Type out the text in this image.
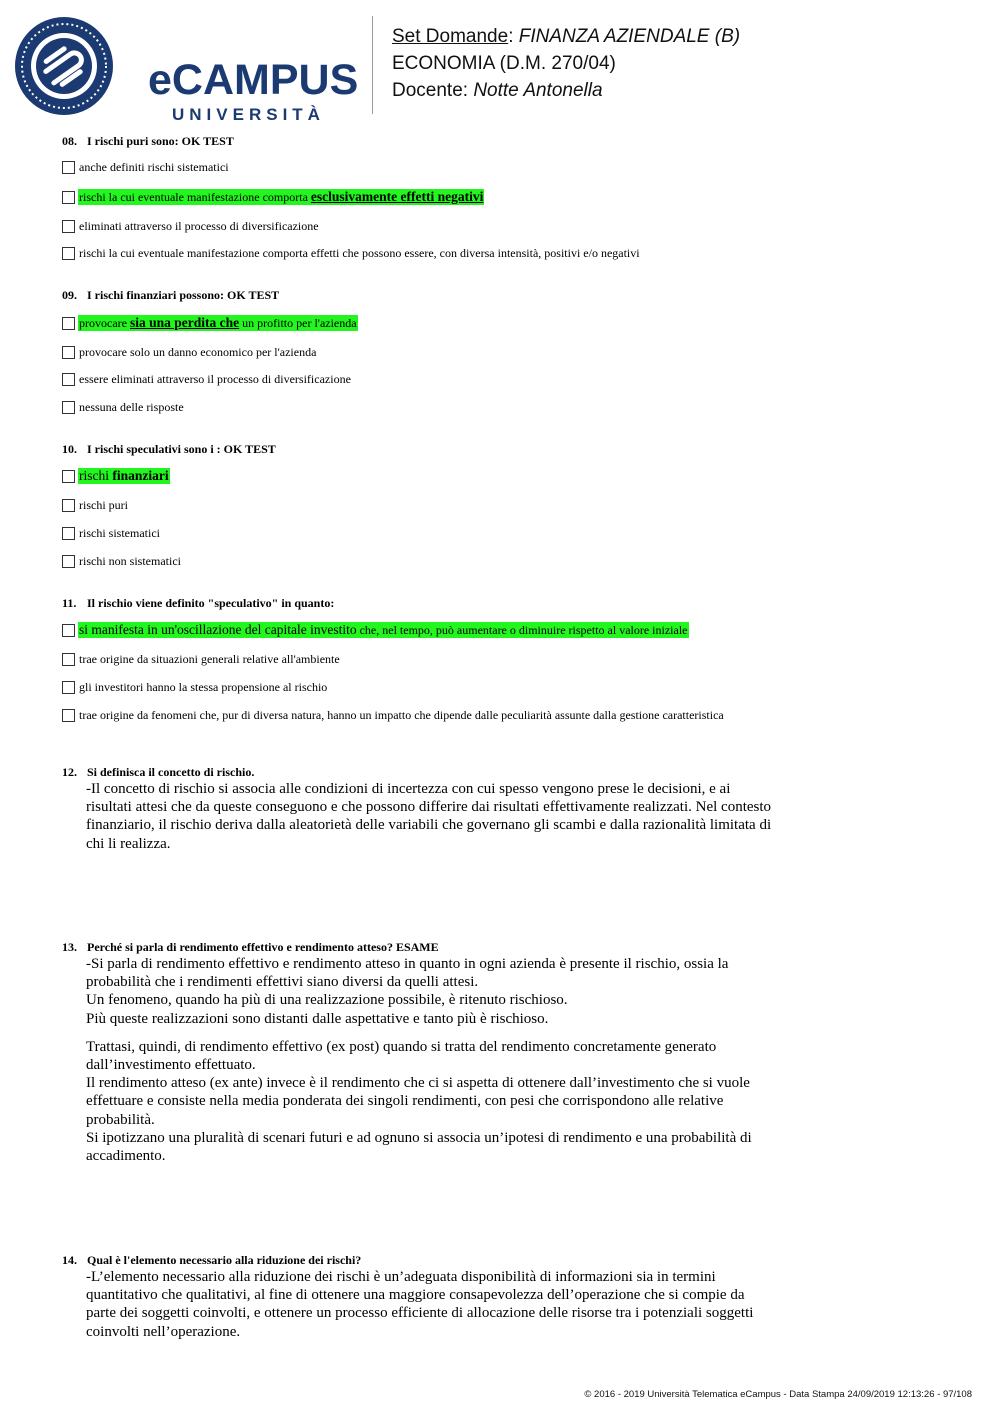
eCAMPUS
UNIVERSITÀ
Set Domande: FINANZA AZIENDALE (B)
ECONOMIA (D.M. 270/04)
Docente: Notte Antonella
08. I rischi puri sono: OK TEST
anche definiti rischi sistematici
rischi la cui eventuale manifestazione comporta esclusivamente effetti negativi
eliminati attraverso il processo di diversificazione
rischi la cui eventuale manifestazione comporta effetti che possono essere, con diversa intensità, positivi e/o negativi
09. I rischi finanziari possono: OK TEST
provocare sia una perdita che un profitto per l'azienda
provocare solo un danno economico per l'azienda
essere eliminati attraverso il processo di diversificazione
nessuna delle risposte
10. I rischi speculativi sono i : OK TEST
rischi finanziari
rischi puri
rischi sistematici
rischi non sistematici
11. Il rischio viene definito "speculativo" in quanto:
si manifesta in un'oscillazione del capitale investito che, nel tempo, può aumentare o diminuire rispetto al valore iniziale
trae origine da situazioni generali relative all'ambiente
gli investitori hanno la stessa propensione al rischio
trae origine da fenomeni che, pur di diversa natura, hanno un impatto che dipende dalle peculiarità assunte dalla gestione caratteristica
12. Si definisca il concetto di rischio.

-Il concetto di rischio si associa alle condizioni di incertezza con cui spesso vengono prese le decisioni, e ai risultati attesi che da queste conseguono e che possono differire dai risultati effettivamente realizzati. Nel contesto finanziario, il rischio deriva dalla aleatorietà delle variabili che governano gli scambi e dalla razionalità limitata di chi li realizza.

13. Perché si parla di rendimento effettivo e rendimento atteso? ESAME

-Si parla di rendimento effettivo e rendimento atteso in quanto in ogni azienda è presente il rischio, ossia la probabilità che i rendimenti effettivi siano diversi da quelli attesi.

Un fenomeno, quando ha più di una realizzazione possibile, è ritenuto rischioso.

Più queste realizzazioni sono distanti dalle aspettative e tanto più è rischioso.

Trattasi, quindi, di rendimento effettivo (ex post) quando si tratta del rendimento concretamente generato dall’investimento effettuato.

Il rendimento atteso (ex ante) invece è il rendimento che ci si aspetta di ottenere dall’investimento che si vuole effettuare e consiste nella media ponderata dei singoli rendimenti, con pesi che corrispondono alle relative probabilità.

Si ipotizzano una pluralità di scenari futuri e ad ognuno si associa un’ipotesi di rendimento e una probabilità di accadimento.

14. Qual è l'elemento necessario alla riduzione dei rischi?

-L’elemento necessario alla riduzione dei rischi è un’adeguata disponibilità di informazioni sia in termini quantitativo che qualitativi, al fine di ottenere una maggiore consapevolezza dell’operazione che si compie da parte dei soggetti coinvolti, e ottenere un processo efficiente di allocazione delle risorse tra i potenziali soggetti coinvolti nell’operazione.

© 2016 - 2019 Università Telematica eCampus - Data Stampa 24/09/2019 12:13:26 - 97/108
